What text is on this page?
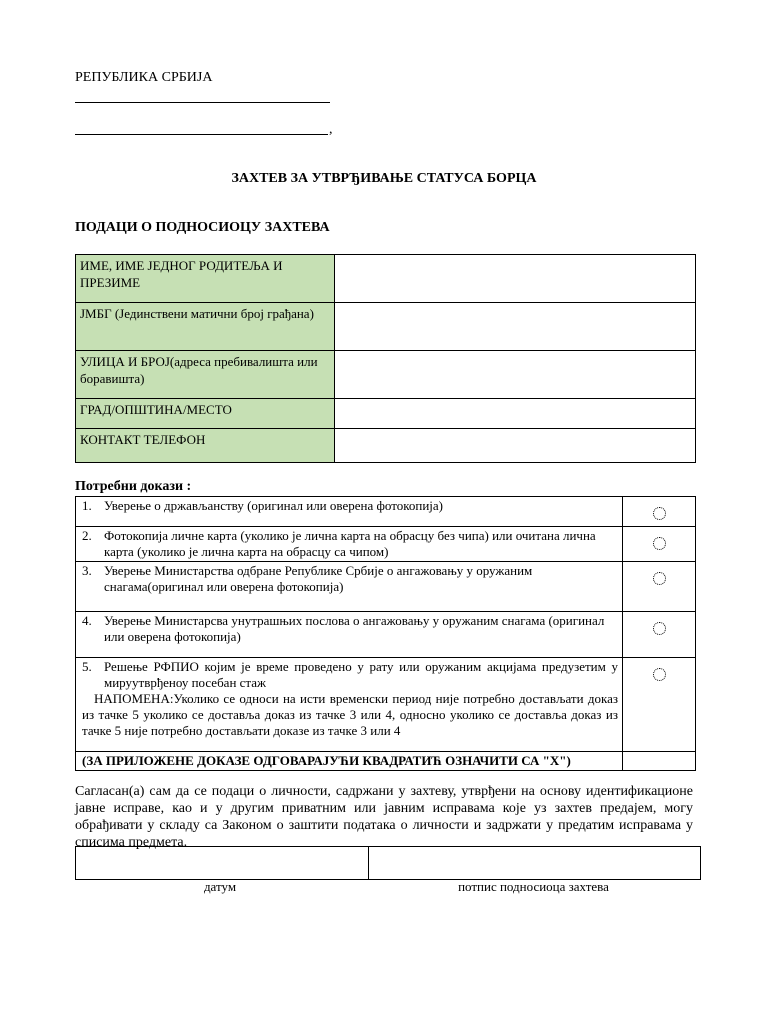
РЕПУБЛИКА СРБИЈА
,
ЗАХТЕВ ЗА УТВРЂИВАЊЕ СТАТУСА БОРЦА
ПОДАЦИ О ПОДНОСИОЦУ ЗАХТЕВА
ИМЕ, ИМЕ ЈЕДНОГ РОДИТЕЉА И ПРЕЗИМЕ	
ЈМБГ (Јединствени матични број грађана)	
УЛИЦА И БРОЈ(адреса пребивалишта или боравишта)	
ГРАД/ОПШТИНА/МЕСТО	
КОНТАКТ ТЕЛЕФОН	
Потребни докази :
1. Уверење о држављанству (оригинал или оверена фотокопија)	

2. Фотокопија личне карта (уколико је лична карта на обрасцу без чипа) или очитана лична карта (уколико је лична карта на обрасцу са чипом)	

3. Уверење Министарства одбране Републике Србије о ангажовању у оружаним снагама(оригинал или оверена фотокопија)	

4. Уверење Министарсва унутрашњих послова о ангажовању у оружаним снагама (оригинал или оверена фотокопија)	

5. Решење РФПИО којим је време проведено у рату или оружаним акцијама предузетим у мируутврђеноу посебан стаж
НАПОМЕНА:Уколико се односи на исти временски период није потребно достављати доказ из тачке 5 уколико се доставља доказ из тачке 3 или 4, односно уколико се доставља доказ из тачке 5 није потребно достављати доказе из тачке 3 или 4	

(ЗА ПРИЛОЖЕНЕ ДОКАЗЕ ОДГОВАРАЈУЋИ КВАДРАТИЋ ОЗНАЧИТИ СА "Х")	
Сагласан(а) сам да се подаци о личности, садржани у захтеву, утврђени на основу идентификационе јавне исправе, као и у другим приватним или јавним исправама које уз захтев предајем, могу обрађивати у складу са Законом о заштити података о личности и задржати у предатим исправама у списима предмета.

датум	потпис подносиоца захтева
